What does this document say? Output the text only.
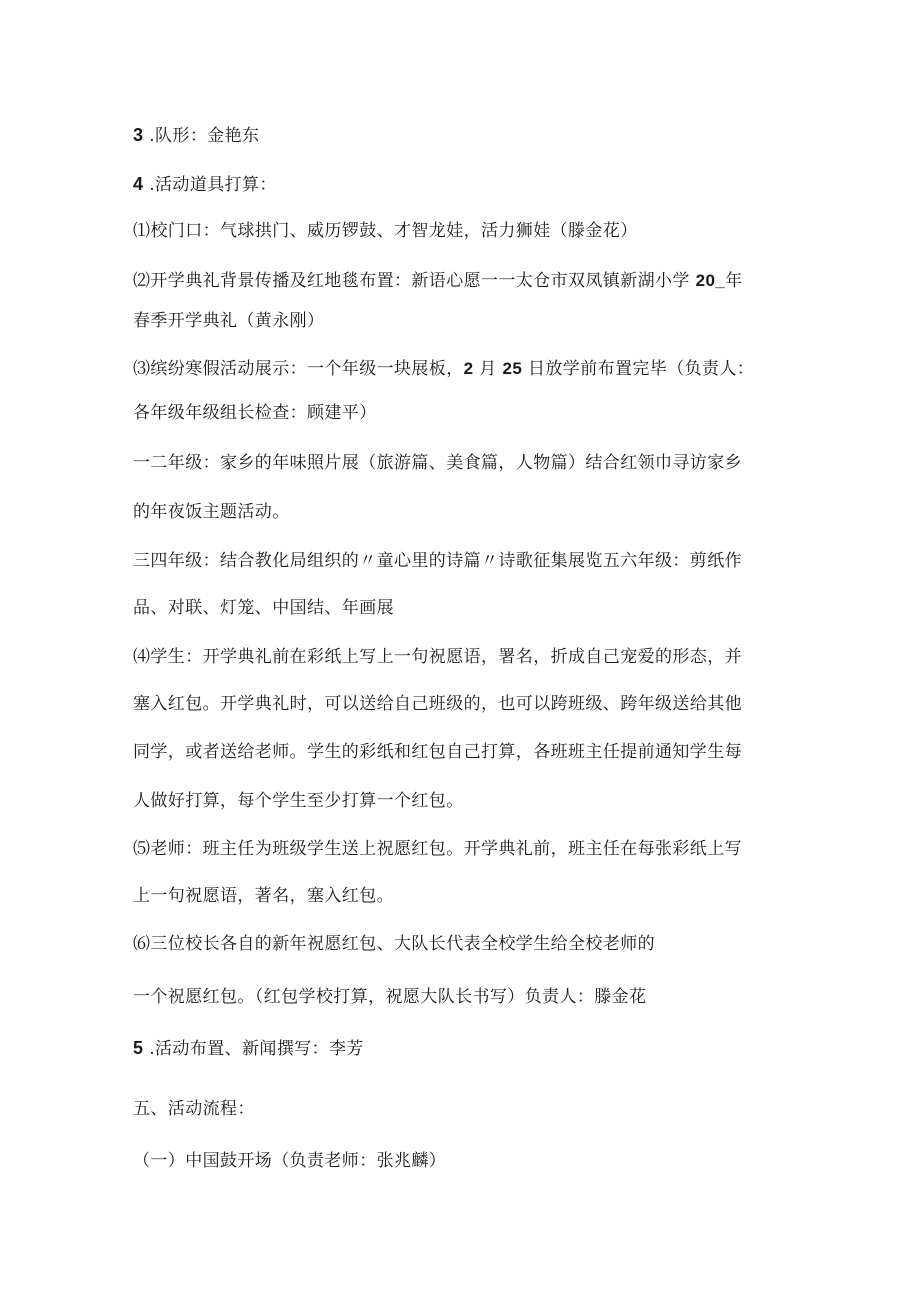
3 .队形：金艳东
4 .活动道具打算：
⑴校门口：气球拱门、威历锣鼓、才智龙娃，活力狮娃（滕金花）
⑵开学典礼背景传播及红地毯布置：新语心愿一一太仓市双凤镇新湖小学 20_年
春季开学典礼（黄永刚）
⑶缤纷寒假活动展示：一个年级一块展板，2 月 25 日放学前布置完毕（负责人：
各年级年级组长检查：顾建平）
一二年级：家乡的年味照片展（旅游篇、美食篇，人物篇）结合红领巾寻访家乡
的年夜饭主题活动。
三四年级：结合教化局组织的〃童心里的诗篇〃诗歌征集展览五六年级：剪纸作
品、对联、灯笼、中国结、年画展
⑷学生：开学典礼前在彩纸上写上一句祝愿语，署名，折成自己宠爱的形态，并
塞入红包。开学典礼时，可以送给自己班级的，也可以跨班级、跨年级送给其他
同学，或者送给老师。学生的彩纸和红包自己打算，各班班主任提前通知学生每
人做好打算，每个学生至少打算一个红包。
⑸老师：班主任为班级学生送上祝愿红包。开学典礼前，班主任在每张彩纸上写
上一句祝愿语，著名，塞入红包。
⑹三位校长各自的新年祝愿红包、大队长代表全校学生给全校老师的
一个祝愿红包。（红包学校打算，祝愿大队长书写）负责人：滕金花
5 .活动布置、新闻撰写：李芳
五、活动流程：
（一）中国鼓开场（负责老师：张兆麟）
